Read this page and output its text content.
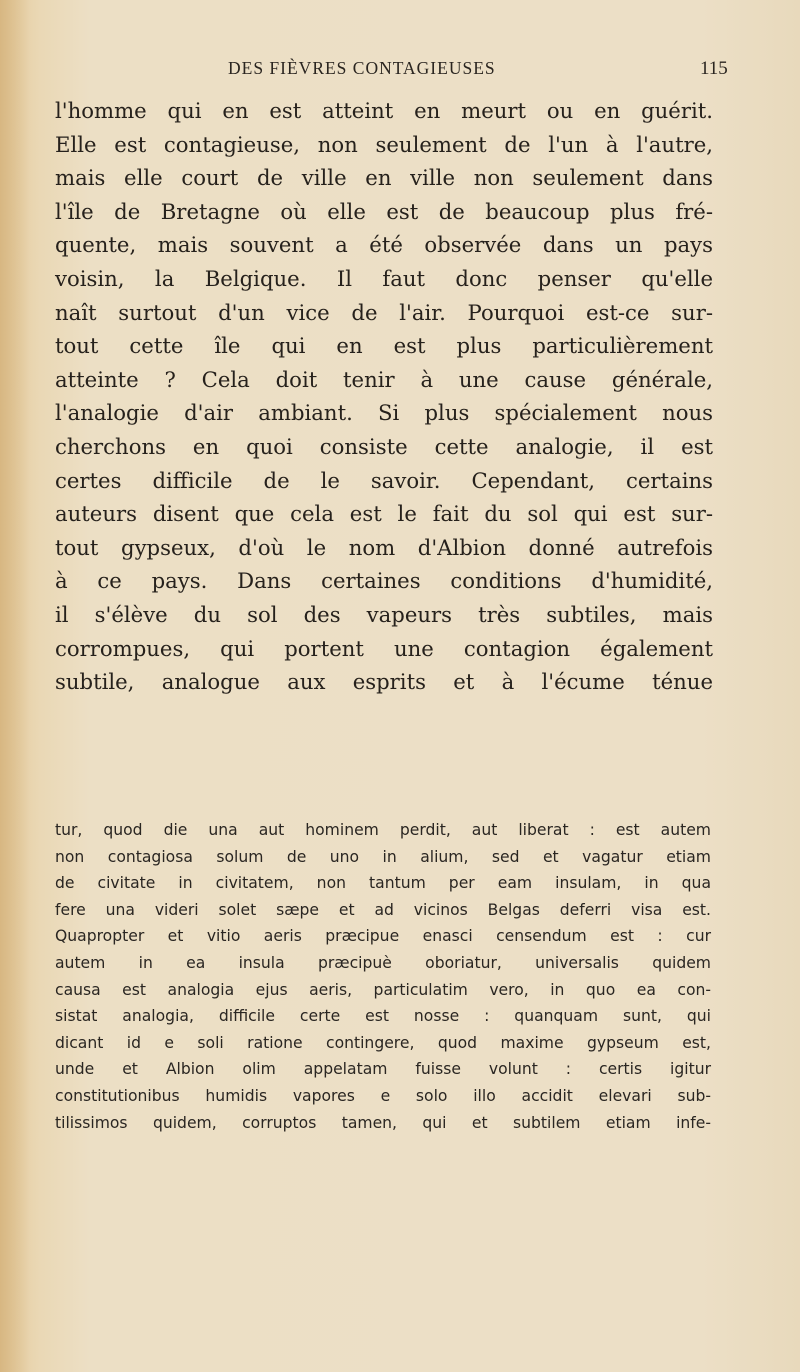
DES FIÈVRES CONTAGIEUSES	115
l'homme qui en est atteint en meurt ou en guérit.
Elle est contagieuse, non seulement de l'un à l'autre,
mais elle court de ville en ville non seulement dans
l'île de Bretagne où elle est de beaucoup plus fré-
quente, mais souvent a été observée dans un pays
voisin, la Belgique. Il faut donc penser qu'elle
naît surtout d'un vice de l'air. Pourquoi est-ce sur-
tout cette île qui en est plus particulièrement
atteinte ? Cela doit tenir à une cause générale,
l'analogie d'air ambiant. Si plus spécialement nous
cherchons en quoi consiste cette analogie, il est
certes difficile de le savoir. Cependant, certains
auteurs disent que cela est le fait du sol qui est sur-
tout gypseux, d'où le nom d'Albion donné autrefois
à ce pays. Dans certaines conditions d'humidité,
il s'élève du sol des vapeurs très subtiles, mais
corrompues, qui portent une contagion également
subtile, analogue aux esprits et à l'écume ténue
tur, quod die una aut hominem perdit, aut liberat : est autem
non contagiosa solum de uno in alium, sed et vagatur etiam
de civitate in civitatem, non tantum per eam insulam, in qua
fere una videri solet sæpe et ad vicinos Belgas deferri visa est.
Quapropter et vitio aeris præcipue enasci censendum est : cur
autem in ea insula præcipuè oboriatur, universalis quidem
causa est analogia ejus aeris, particulatim vero, in quo ea con-
sistat analogia, difficile certe est nosse : quanquam sunt, qui
dicant id e soli ratione contingere, quod maxime gypseum est,
unde et Albion olim appelatam fuisse volunt : certis igitur
constitutionibus humidis vapores e solo illo accidit elevari sub-
tilissimos quidem, corruptos tamen, qui et subtilem etiam infe-
